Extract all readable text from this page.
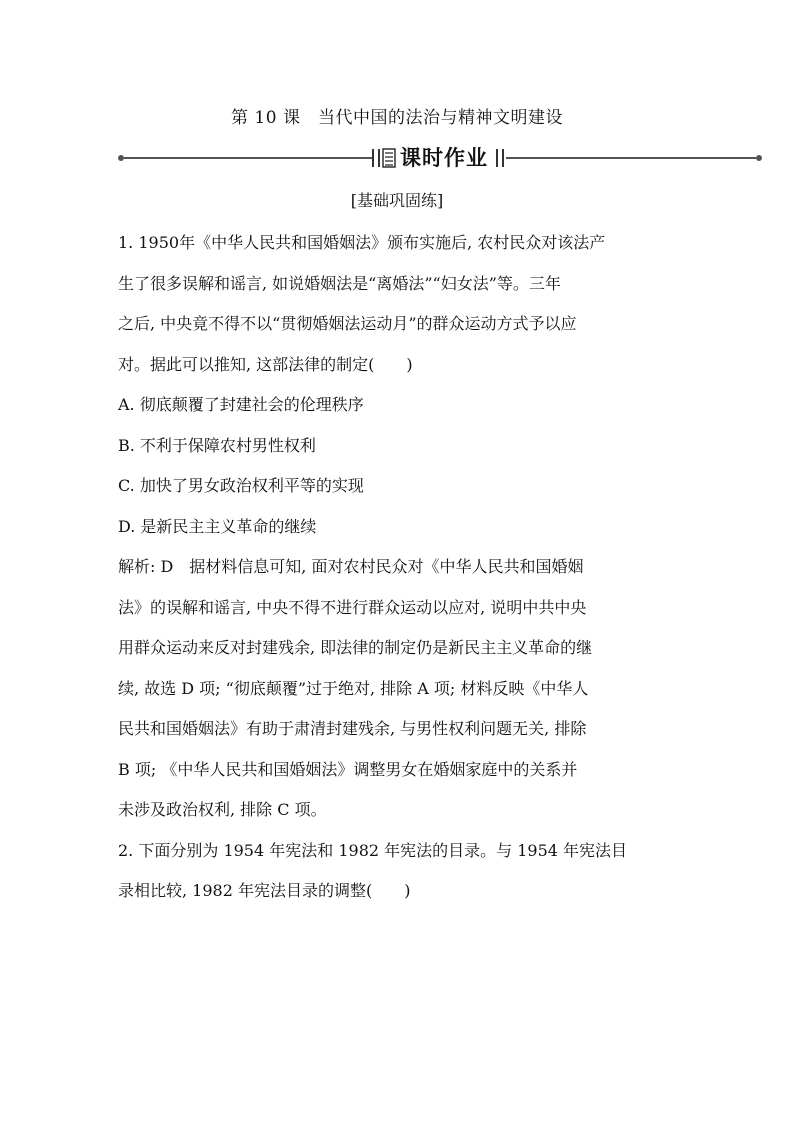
第 10 课　当代中国的法治与精神文明建设
课时作业
[基础巩固练]
1. 1950年《中华人民共和国婚姻法》颁布实施后, 农村民众对该法产
生了很多误解和谣言, 如说婚姻法是“离婚法”“妇女法”等。三年
之后, 中央竟不得不以“贯彻婚姻法运动月”的群众运动方式予以应
对。据此可以推知, 这部法律的制定(　　)
A. 彻底颠覆了封建社会的伦理秩序
B. 不利于保障农村男性权利
C. 加快了男女政治权利平等的实现
D. 是新民主主义革命的继续
解析: D　据材料信息可知, 面对农村民众对《中华人民共和国婚姻
法》的误解和谣言, 中央不得不进行群众运动以应对, 说明中共中央
用群众运动来反对封建残余, 即法律的制定仍是新民主主义革命的继
续, 故选 D 项; “彻底颠覆”过于绝对, 排除 A 项; 材料反映《中华人
民共和国婚姻法》有助于肃清封建残余, 与男性权利问题无关, 排除
B 项; 《中华人民共和国婚姻法》调整男女在婚姻家庭中的关系并
未涉及政治权利, 排除 C 项。
2. 下面分别为 1954 年宪法和 1982 年宪法的目录。与 1954 年宪法目
录相比较, 1982 年宪法目录的调整(　　)
